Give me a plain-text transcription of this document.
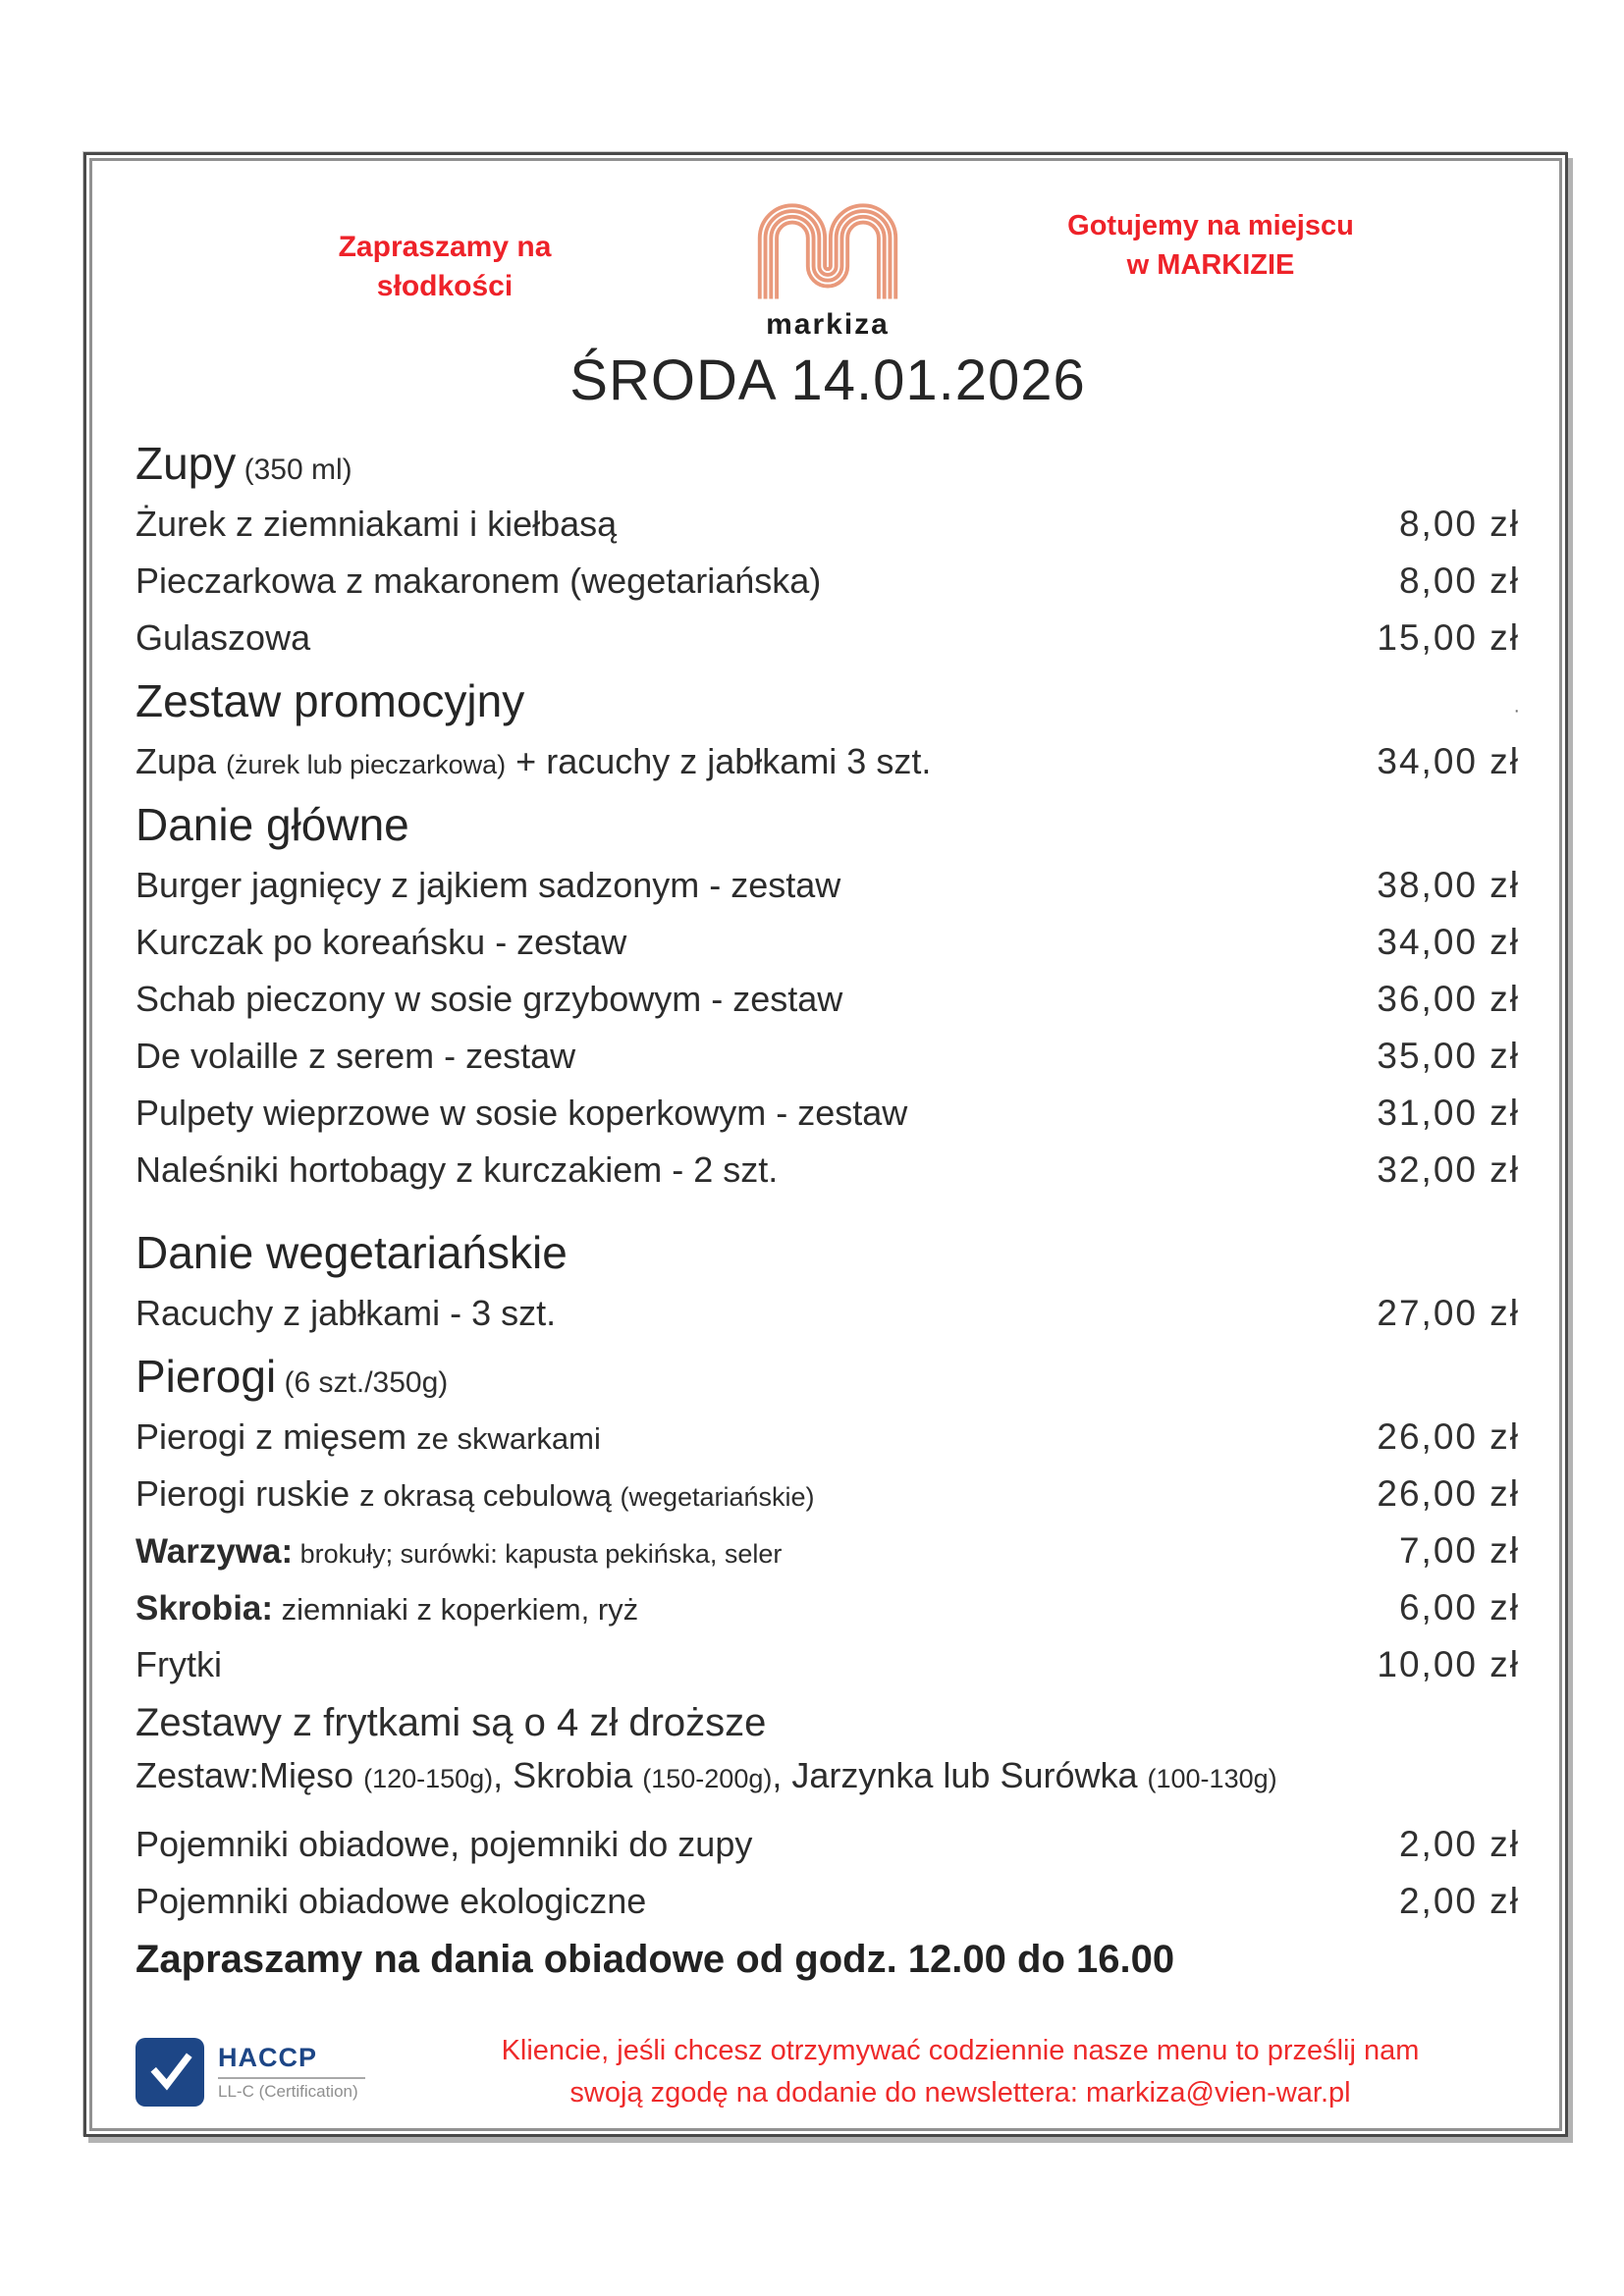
Zapraszamy na
słodkości
markiza
Gotujemy na miejscu
w MARKIZIE
ŚRODA 14.01.2026
Zupy (350 ml)
Żurek z ziemniakami i kiełbasą	8,00 zł
Pieczarkowa z makaronem (wegetariańska)	8,00 zł
Gulaszowa	15,00 zł
Zestaw promocyjny	·
Zupa (żurek lub pieczarkowa) + racuchy z jabłkami 3 szt.	34,00 zł
Danie główne
Burger jagnięcy z jajkiem sadzonym - zestaw	38,00 zł
Kurczak po koreańsku - zestaw	34,00 zł
Schab pieczony w sosie grzybowym - zestaw	36,00 zł
De volaille z serem - zestaw	35,00 zł
Pulpety wieprzowe w sosie koperkowym - zestaw	31,00 zł
Naleśniki hortobagy z kurczakiem - 2 szt.	32,00 zł
Danie wegetariańskie
Racuchy z jabłkami - 3 szt.	27,00 zł
Pierogi (6 szt./350g)
Pierogi z mięsem ze skwarkami	26,00 zł
Pierogi ruskie z okrasą cebulową (wegetariańskie)	26,00 zł
Warzywa: brokuły; surówki: kapusta pekińska, seler	7,00 zł
Skrobia: ziemniaki z koperkiem, ryż	6,00 zł
Frytki	10,00 zł
Zestawy z frytkami są o 4 zł droższe
Zestaw:Mięso (120-150g), Skrobia (150-200g), Jarzynka lub Surówka (100-130g)
Pojemniki obiadowe, pojemniki do zupy	2,00 zł
Pojemniki obiadowe ekologiczne	2,00 zł
Zapraszamy na dania obiadowe od godz. 12.00 do 16.00
HACCP
LL-C (Certification)
Kliencie, jeśli chcesz otrzymywać codziennie nasze menu to prześlij nam
swoją zgodę na dodanie do newslettera: markiza@vien-war.pl
